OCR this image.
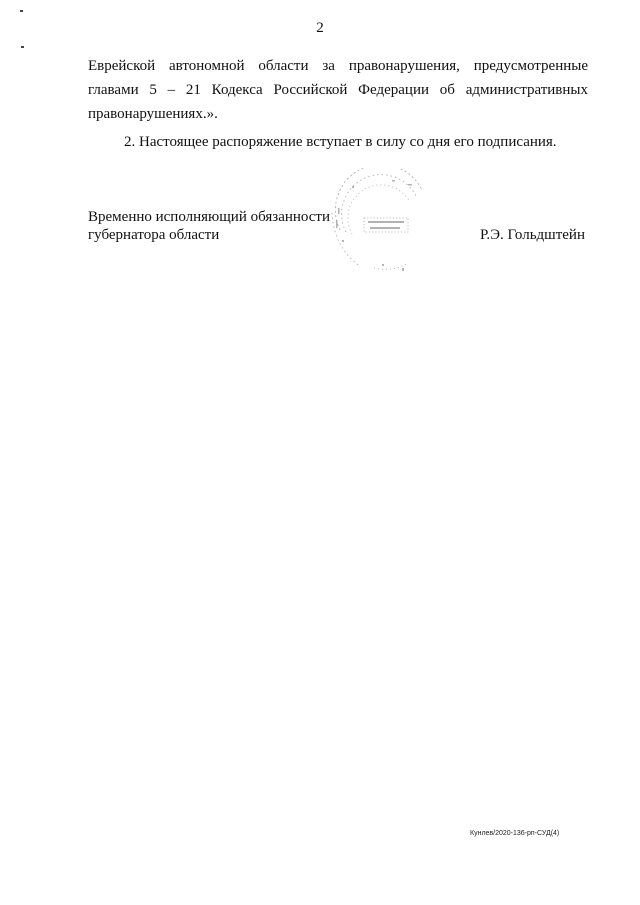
2
Еврейской автономной области за правонарушения, предусмотренные
главами 5 – 21 Кодекса Российской Федерации об административных
правонарушениях.».

2. Настоящее распоряжение вступает в силу со дня его подписания.

Временно исполняющий обязанности
губернатора области	Р.Э. Гольдштейн
Кунлев/2020-136-рп-СУД(4)
